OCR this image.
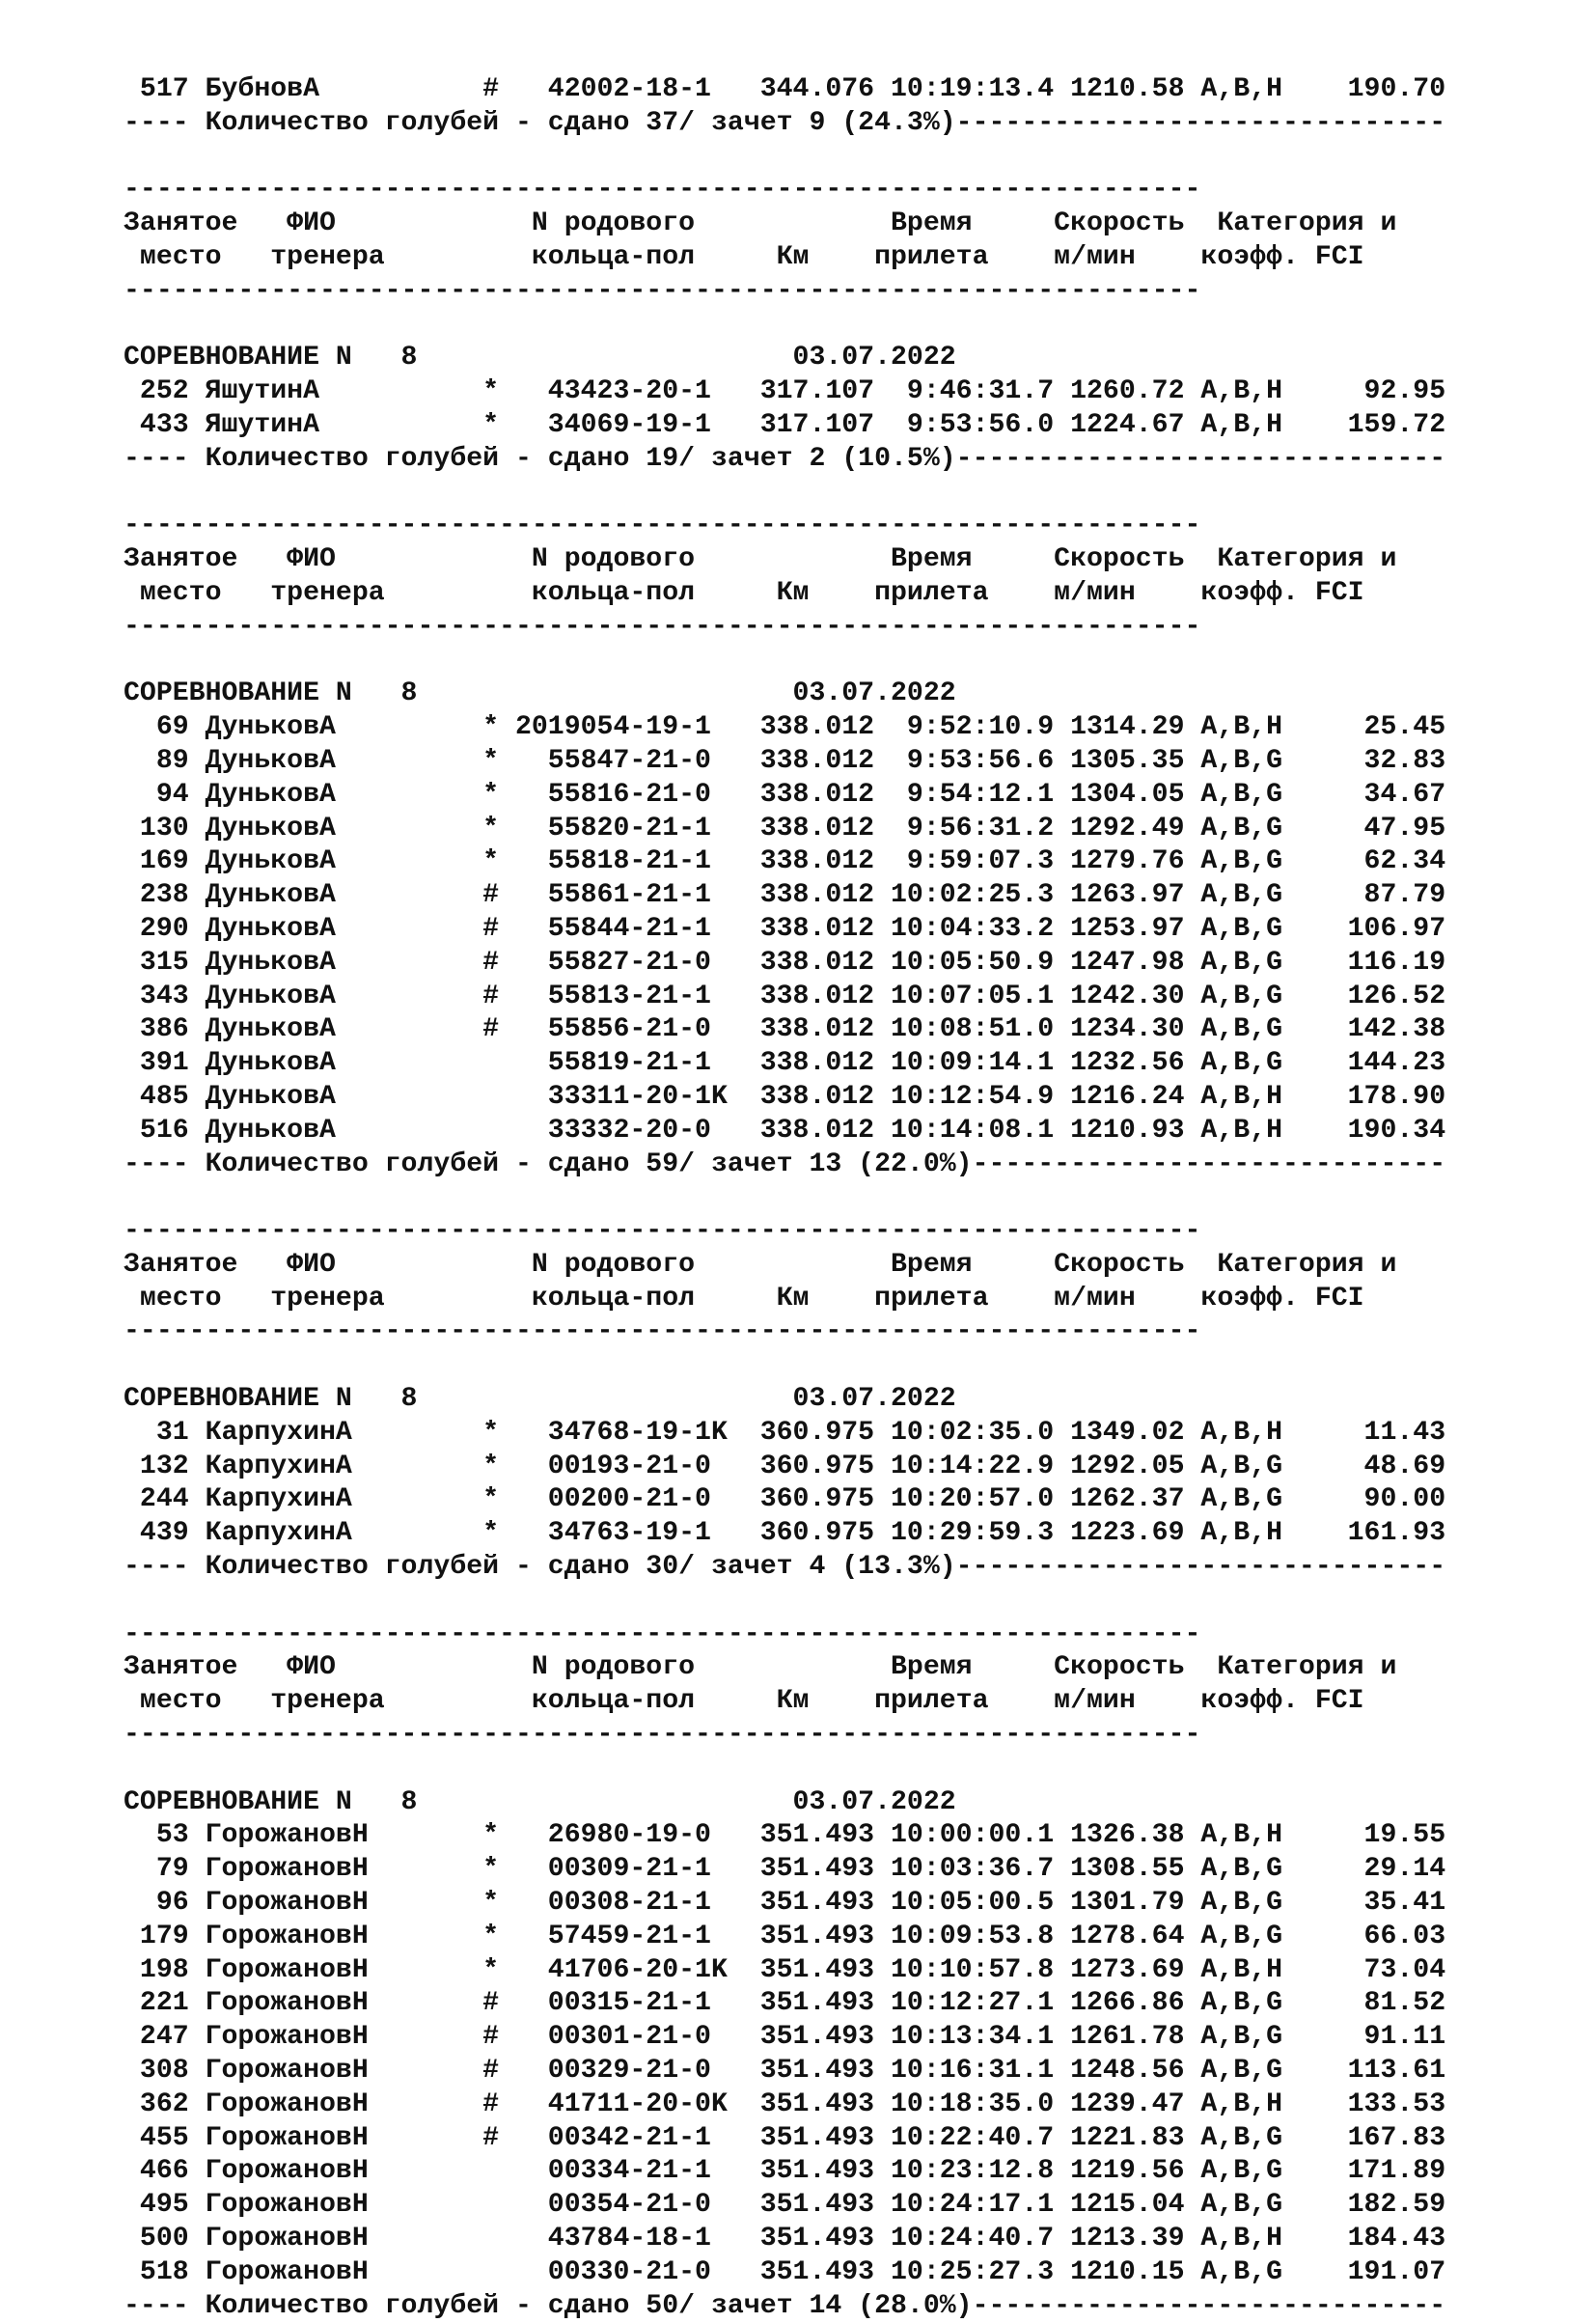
517 БубновА          #   42002-18-1   344.076 10:19:13.4 1210.58 A,B,H    190.70
---- Количество голубей - сдано 37/ зачет 9 (24.3%)------------------------------
------------------------------------------------------------------
Занятое   ФИО            N родового            Время     Скорость  Категория и
место   тренера         кольца-пол     Км    прилета    м/мин    коэфф. FCI
------------------------------------------------------------------
СОРЕВНОВАНИЕ N   8                       03.07.2022
252 ЯшутинА          *   43423-20-1   317.107  9:46:31.7 1260.72 A,B,H     92.95
433 ЯшутинА          *   34069-19-1   317.107  9:53:56.0 1224.67 A,B,H    159.72
---- Количество голубей - сдано 19/ зачет 2 (10.5%)------------------------------
------------------------------------------------------------------
Занятое   ФИО            N родового            Время     Скорость  Категория и
место   тренера         кольца-пол     Км    прилета    м/мин    коэфф. FCI
------------------------------------------------------------------
СОРЕВНОВАНИЕ N   8                       03.07.2022
69 ДуньковА         * 2019054-19-1   338.012  9:52:10.9 1314.29 A,B,H     25.45
89 ДуньковА         *   55847-21-0   338.012  9:53:56.6 1305.35 A,B,G     32.83
94 ДуньковА         *   55816-21-0   338.012  9:54:12.1 1304.05 A,B,G     34.67
130 ДуньковА         *   55820-21-1   338.012  9:56:31.2 1292.49 A,B,G     47.95
169 ДуньковА         *   55818-21-1   338.012  9:59:07.3 1279.76 A,B,G     62.34
238 ДуньковА         #   55861-21-1   338.012 10:02:25.3 1263.97 A,B,G     87.79
290 ДуньковА         #   55844-21-1   338.012 10:04:33.2 1253.97 A,B,G    106.97
315 ДуньковА         #   55827-21-0   338.012 10:05:50.9 1247.98 A,B,G    116.19
343 ДуньковА         #   55813-21-1   338.012 10:07:05.1 1242.30 A,B,G    126.52
386 ДуньковА         #   55856-21-0   338.012 10:08:51.0 1234.30 A,B,G    142.38
391 ДуньковА             55819-21-1   338.012 10:09:14.1 1232.56 A,B,G    144.23
485 ДуньковА             33311-20-1K  338.012 10:12:54.9 1216.24 A,B,H    178.90
516 ДуньковА             33332-20-0   338.012 10:14:08.1 1210.93 A,B,H    190.34
---- Количество голубей - сдано 59/ зачет 13 (22.0%)-----------------------------
------------------------------------------------------------------
Занятое   ФИО            N родового            Время     Скорость  Категория и
место   тренера         кольца-пол     Км    прилета    м/мин    коэфф. FCI
------------------------------------------------------------------
СОРЕВНОВАНИЕ N   8                       03.07.2022
31 КарпухинА        *   34768-19-1K  360.975 10:02:35.0 1349.02 A,B,H     11.43
132 КарпухинА        *   00193-21-0   360.975 10:14:22.9 1292.05 A,B,G     48.69
244 КарпухинА        *   00200-21-0   360.975 10:20:57.0 1262.37 A,B,G     90.00
439 КарпухинА        *   34763-19-1   360.975 10:29:59.3 1223.69 A,B,H    161.93
---- Количество голубей - сдано 30/ зачет 4 (13.3%)------------------------------
------------------------------------------------------------------
Занятое   ФИО            N родового            Время     Скорость  Категория и
место   тренера         кольца-пол     Км    прилета    м/мин    коэфф. FCI
------------------------------------------------------------------
СОРЕВНОВАНИЕ N   8                       03.07.2022
53 ГорожановН       *   26980-19-0   351.493 10:00:00.1 1326.38 A,B,H     19.55
79 ГорожановН       *   00309-21-1   351.493 10:03:36.7 1308.55 A,B,G     29.14
96 ГорожановН       *   00308-21-1   351.493 10:05:00.5 1301.79 A,B,G     35.41
179 ГорожановН       *   57459-21-1   351.493 10:09:53.8 1278.64 A,B,G     66.03
198 ГорожановН       *   41706-20-1K  351.493 10:10:57.8 1273.69 A,B,H     73.04
221 ГорожановН       #   00315-21-1   351.493 10:12:27.1 1266.86 A,B,G     81.52
247 ГорожановН       #   00301-21-0   351.493 10:13:34.1 1261.78 A,B,G     91.11
308 ГорожановН       #   00329-21-0   351.493 10:16:31.1 1248.56 A,B,G    113.61
362 ГорожановН       #   41711-20-0K  351.493 10:18:35.0 1239.47 A,B,H    133.53
455 ГорожановН       #   00342-21-1   351.493 10:22:40.7 1221.83 A,B,G    167.83
466 ГорожановН           00334-21-1   351.493 10:23:12.8 1219.56 A,B,G    171.89
495 ГорожановН           00354-21-0   351.493 10:24:17.1 1215.04 A,B,G    182.59
500 ГорожановН           43784-18-1   351.493 10:24:40.7 1213.39 A,B,H    184.43
518 ГорожановН           00330-21-0   351.493 10:25:27.3 1210.15 A,B,G    191.07
---- Количество голубей - сдано 50/ зачет 14 (28.0%)-----------------------------
